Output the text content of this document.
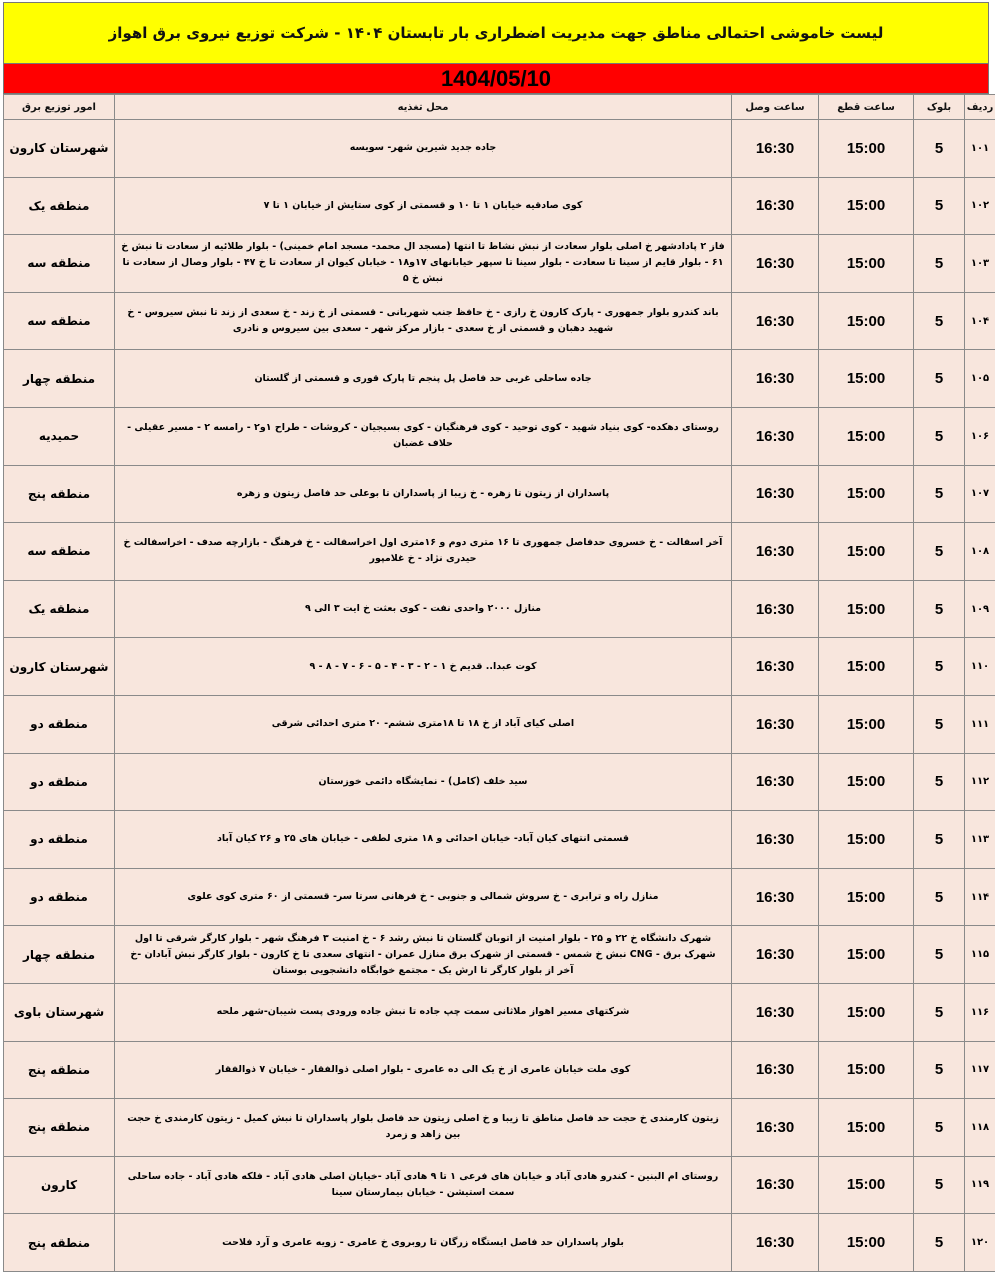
لیست خاموشی احتمالی مناطق جهت مدیریت اضطراری بار تابستان ۱۴۰۴ - شرکت توزیع نیروی برق اهواز
1404/05/10
ردیف	بلوک	ساعت قطع	ساعت وصل	محل تغذیه	امور توزیع برق
۱۰۱	5	15:00	16:30	جاده جدید شیرین شهر- سویسه	شهرستان کارون
۱۰۲	5	15:00	16:30	کوی صادقیه خیابان ۱ تا ۱۰ و قسمتی از کوی ستایش از خیابان ۱ تا ۷	منطقه یک
۱۰۳	5	15:00	16:30	فاز ۲ پادادشهر خ اصلی بلوار سعادت از نبش نشاط تا انتها (مسجد ال محمد- مسجد امام خمینی) - بلوار طلائیه از سعادت تا نبش خ ۶۱ - بلوار قایم از سینا تا سعادت - بلوار سینا تا سپهر خیابانهای ۱۷و۱۸ - خیابان کیوان از سعادت تا خ ۴۷ - بلوار وصال از سعادت تا نبش خ ۵	منطقه سه
۱۰۴	5	15:00	16:30	باند کندرو بلوار جمهوری - پارک کارون خ رازی - خ حافظ جنب شهربانی - قسمتی از خ زند - خ سعدی از زند تا نبش سیروس - خ شهید دهبان و قسمتی از خ سعدی - بازار مرکز شهر - سعدی بین سیروس و نادری	منطقه سه
۱۰۵	5	15:00	16:30	جاده ساحلی غربی حد فاصل پل پنجم تا پارک قوری و قسمتی از گلستان	منطقه چهار
۱۰۶	5	15:00	16:30	روستای دهکده- کوی بنیاد شهید - کوی توحید - کوی فرهنگیان - کوی بسیجیان - کروشات - طراح ۱و۲ - رامسه ۲ - مسیر عقیلی - حلاف غضبان	حمیدیه
۱۰۷	5	15:00	16:30	پاسداران از زیتون تا زهره - خ زیبا از پاسداران تا بوعلی حد فاصل زیتون و زهره	منطقه پنج
۱۰۸	5	15:00	16:30	آخر اسفالت - خ خسروی حدفاصل جمهوری تا ۱۶ متری دوم و ۱۶متری اول اخراسفالت - خ فرهنگ - بازارچه صدف - اخراسفالت خ حیدری نژاد - خ غلامپور	منطقه سه
۱۰۹	5	15:00	16:30	منازل ۲۰۰۰ واحدی نفت - کوی بعثت خ ایت ۳ الی ۹	منطقه یک
۱۱۰	5	15:00	16:30	کوت عبدا.. قدیم خ ۱ - ۲ - ۳ - ۴ - ۵ - ۶ - ۷ - ۸ - ۹	شهرستان کارون
۱۱۱	5	15:00	16:30	اصلی کیای آباد از خ ۱۸ تا ۱۸متری ششم- ۲۰ متری احدائی شرقی	منطقه دو
۱۱۲	5	15:00	16:30	سید خلف (کامل) - نمایشگاه دائمی خوزستان	منطقه دو
۱۱۳	5	15:00	16:30	قسمتی انتهای کیان آباد- خیابان احدائی و ۱۸ متری لطفی - خیابان های ۲۵ و ۲۶ کیان آباد	منطقه دو
۱۱۴	5	15:00	16:30	منازل راه و ترابری - خ سروش شمالی و جنوبی - خ فرهانی سرتا سر- قسمتی از ۶۰ متری کوی علوی	منطقه دو
۱۱۵	5	15:00	16:30	شهرک دانشگاه خ ۲۲ و ۲۵ - بلوار امنیت از اتوبان گلستان تا نبش رشد ۶ - خ امنیت ۳ فرهنگ شهر - بلوار کارگر شرقی تا اول شهرک برق - CNG نبش خ شمس - قسمتی از شهرک برق منازل عمران - انتهای سعدی تا خ کارون - بلوار کارگر نبش آبادان -خ آخر از بلوار کارگر تا ارش یک - مجتمع خوابگاه دانشجویی بوستان	منطقه چهار
۱۱۶	5	15:00	16:30	شرکتهای مسیر اهواز ملاثانی سمت چپ جاده تا نبش جاده ورودی پست شیبان-شهر ملحه	شهرستان باوی
۱۱۷	5	15:00	16:30	کوی ملت خیابان عامری از خ یک الی ده عامری - بلوار اصلی ذوالفقار - خیابان ۷ ذوالفقار	منطقه پنج
۱۱۸	5	15:00	16:30	زیتون کارمندی خ حجت حد فاصل مناطق تا زیبا و خ اصلی زیتون حد فاصل بلوار پاسداران تا نبش کمیل - زیتون کارمندی خ حجت بین زاهد و زمرد	منطقه پنج
۱۱۹	5	15:00	16:30	روستای ام البنین - کندرو هادی آباد و خیابان های فرعی ۱ تا ۹ هادی آباد -خیابان اصلی هادی آباد - فلکه هادی آباد - جاده ساحلی سمت استیشن - خیابان بیمارستان سینا	کارون
۱۲۰	5	15:00	16:30	بلوار پاسداران حد فاصل ایستگاه زرگان تا روبروی خ عامری - زویه عامری و آرد فلاحت	منطقه پنج
